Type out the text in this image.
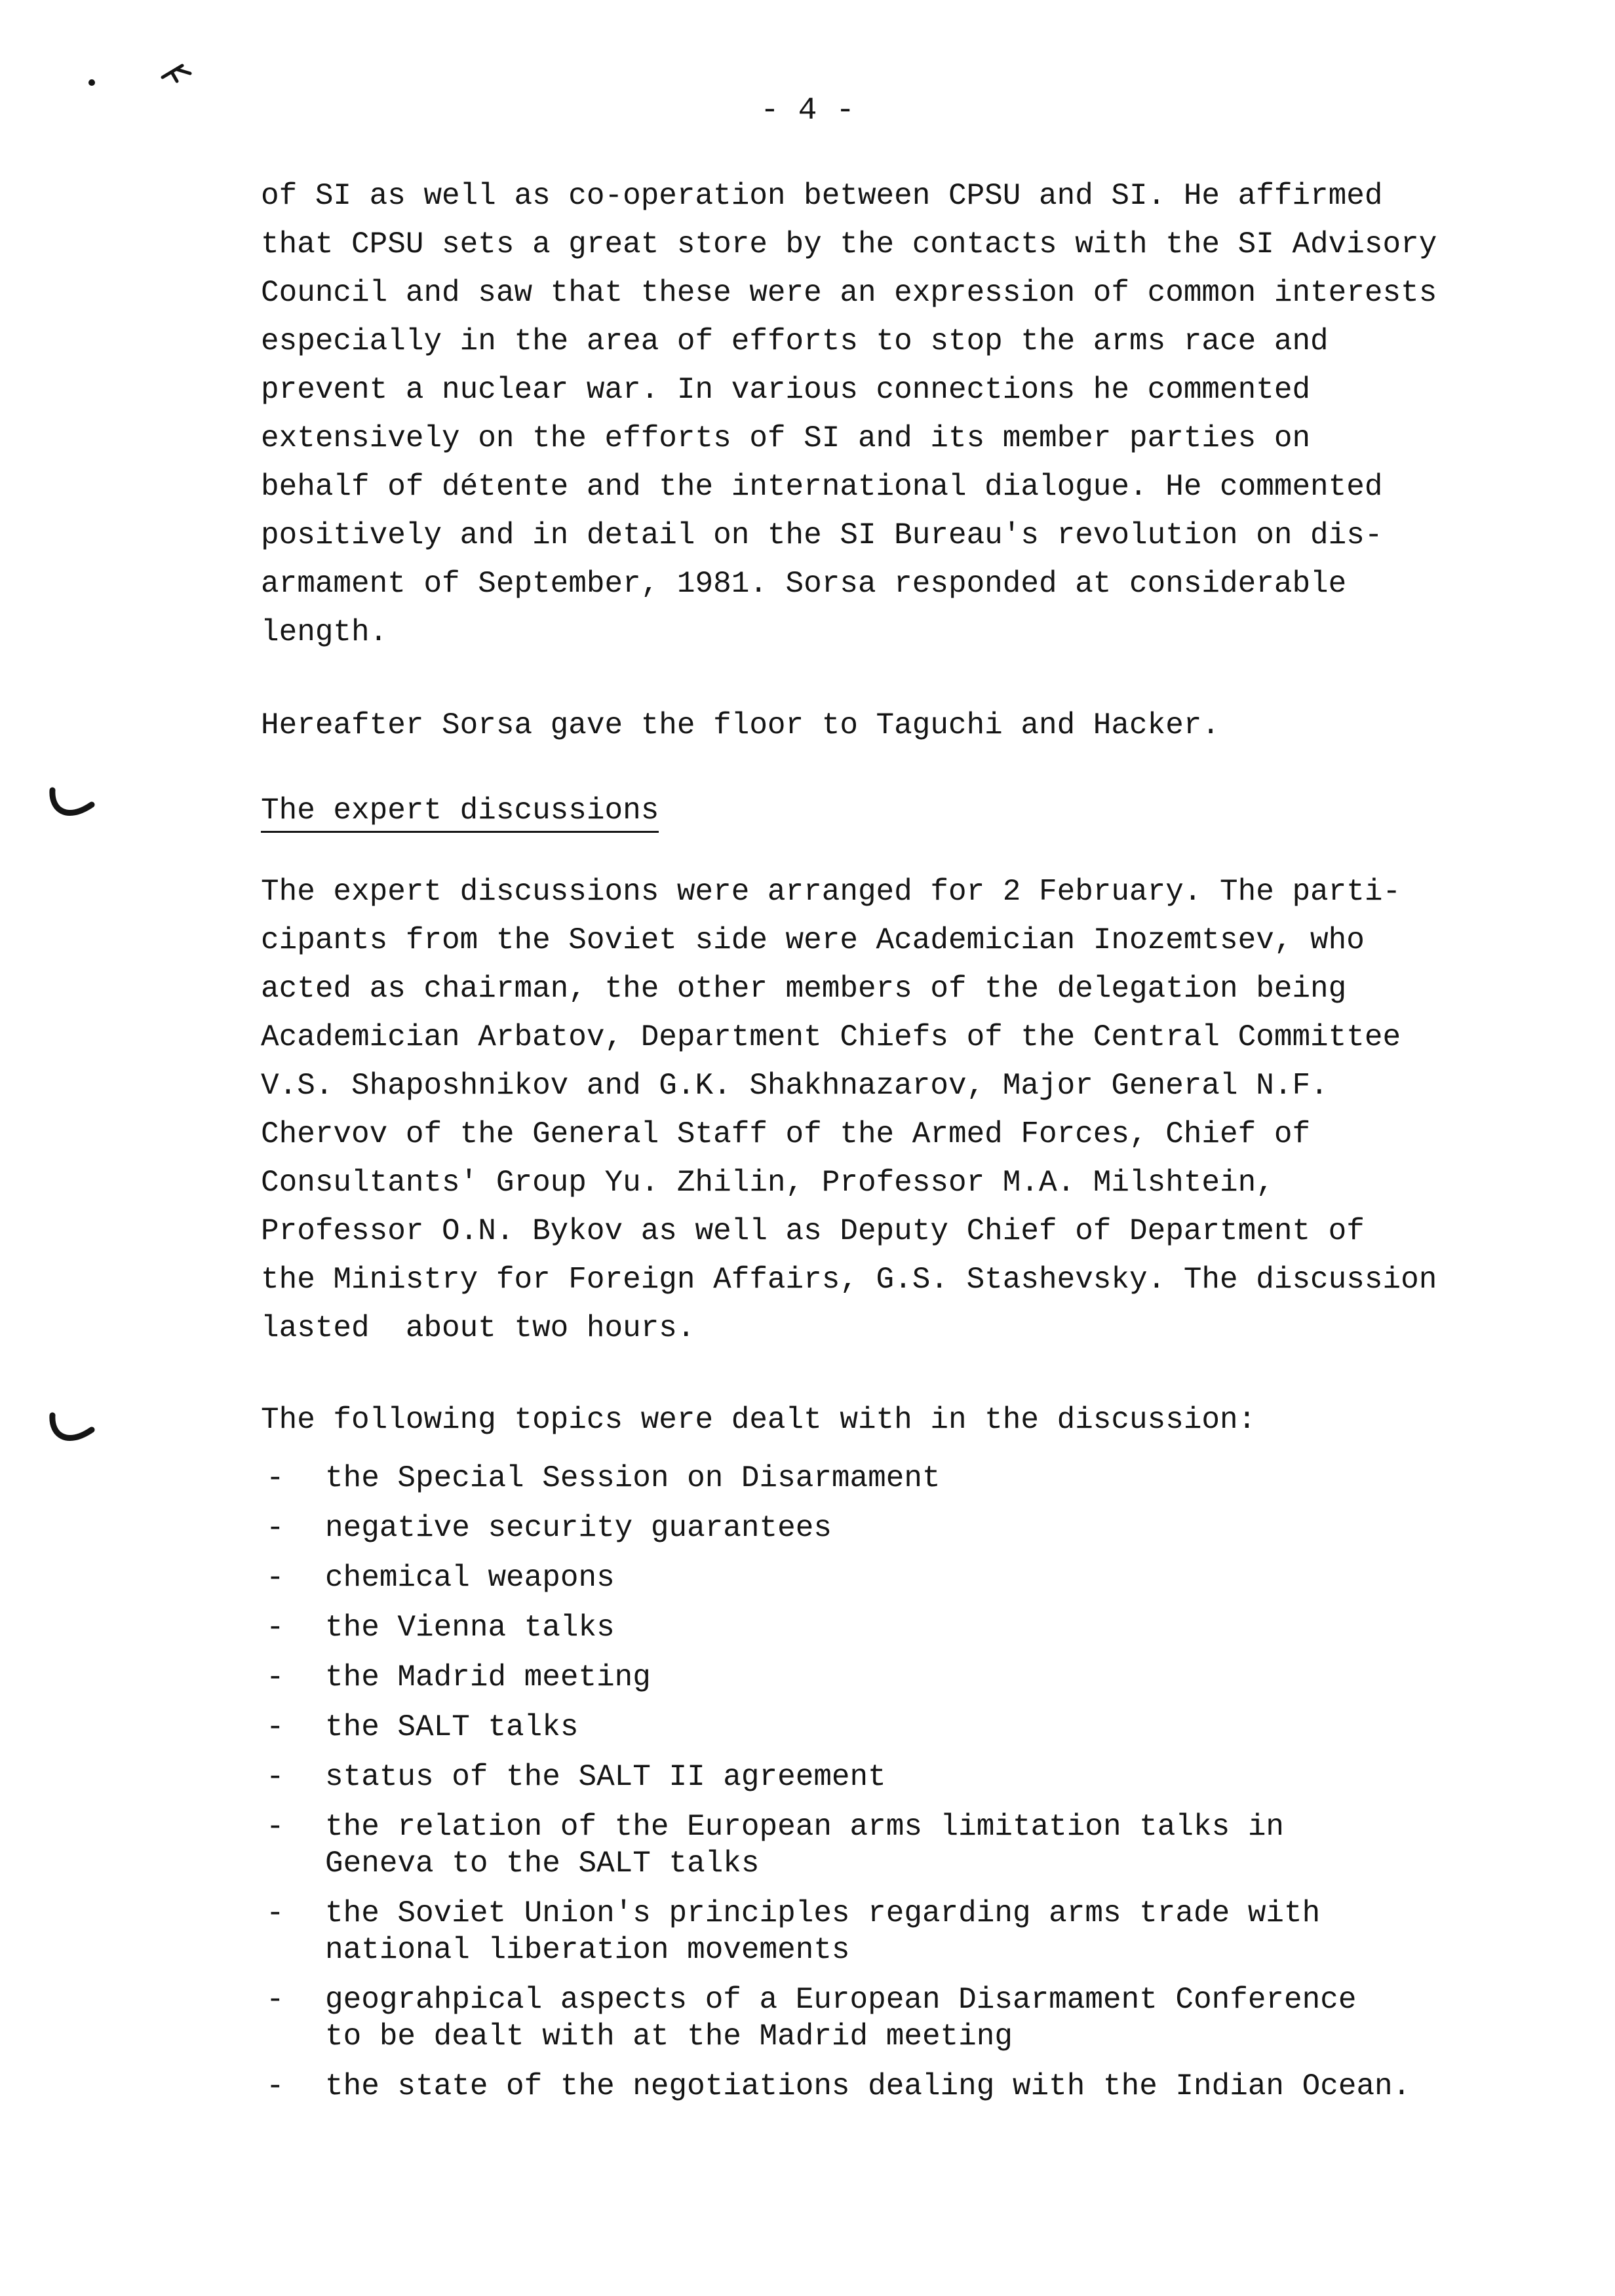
- 4 -
of SI as well as co-operation between CPSU and SI. He affirmed
that CPSU sets a great store by the contacts with the SI Advisory
Council and saw that these were an expression of common interests
especially in the area of efforts to stop the arms race and
prevent a nuclear war. In various connections he commented
extensively on the efforts of SI and its member parties on
behalf of détente and the international dialogue. He commented
positively and in detail on the SI Bureau's revolution on dis-
armament of September, 1981. Sorsa responded at considerable
length.
Hereafter Sorsa gave the floor to Taguchi and Hacker.
The expert discussions
The expert discussions were arranged for 2 February. The parti-
cipants from the Soviet side were Academician Inozemtsev, who
acted as chairman, the other members of the delegation being
Academician Arbatov, Department Chiefs of the Central Committee
V.S. Shaposhnikov and G.K. Shakhnazarov, Major General N.F.
Chervov of the General Staff of the Armed Forces, Chief of
Consultants' Group Yu. Zhilin, Professor M.A. Milshtein,
Professor O.N. Bykov as well as Deputy Chief of Department of
the Ministry for Foreign Affairs, G.S. Stashevsky. The discussion
lasted  about two hours.
The following topics were dealt with in the discussion:
- the Special Session on Disarmament
- negative security guarantees
- chemical weapons
- the Vienna talks
- the Madrid meeting
- the SALT talks
- status of the SALT II agreement
- the relation of the European arms limitation talks in
Geneva to the SALT talks
- the Soviet Union's principles regarding arms trade with
national liberation movements
- geograhpical aspects of a European Disarmament Conference
to be dealt with at the Madrid meeting
- the state of the negotiations dealing with the Indian Ocean.
